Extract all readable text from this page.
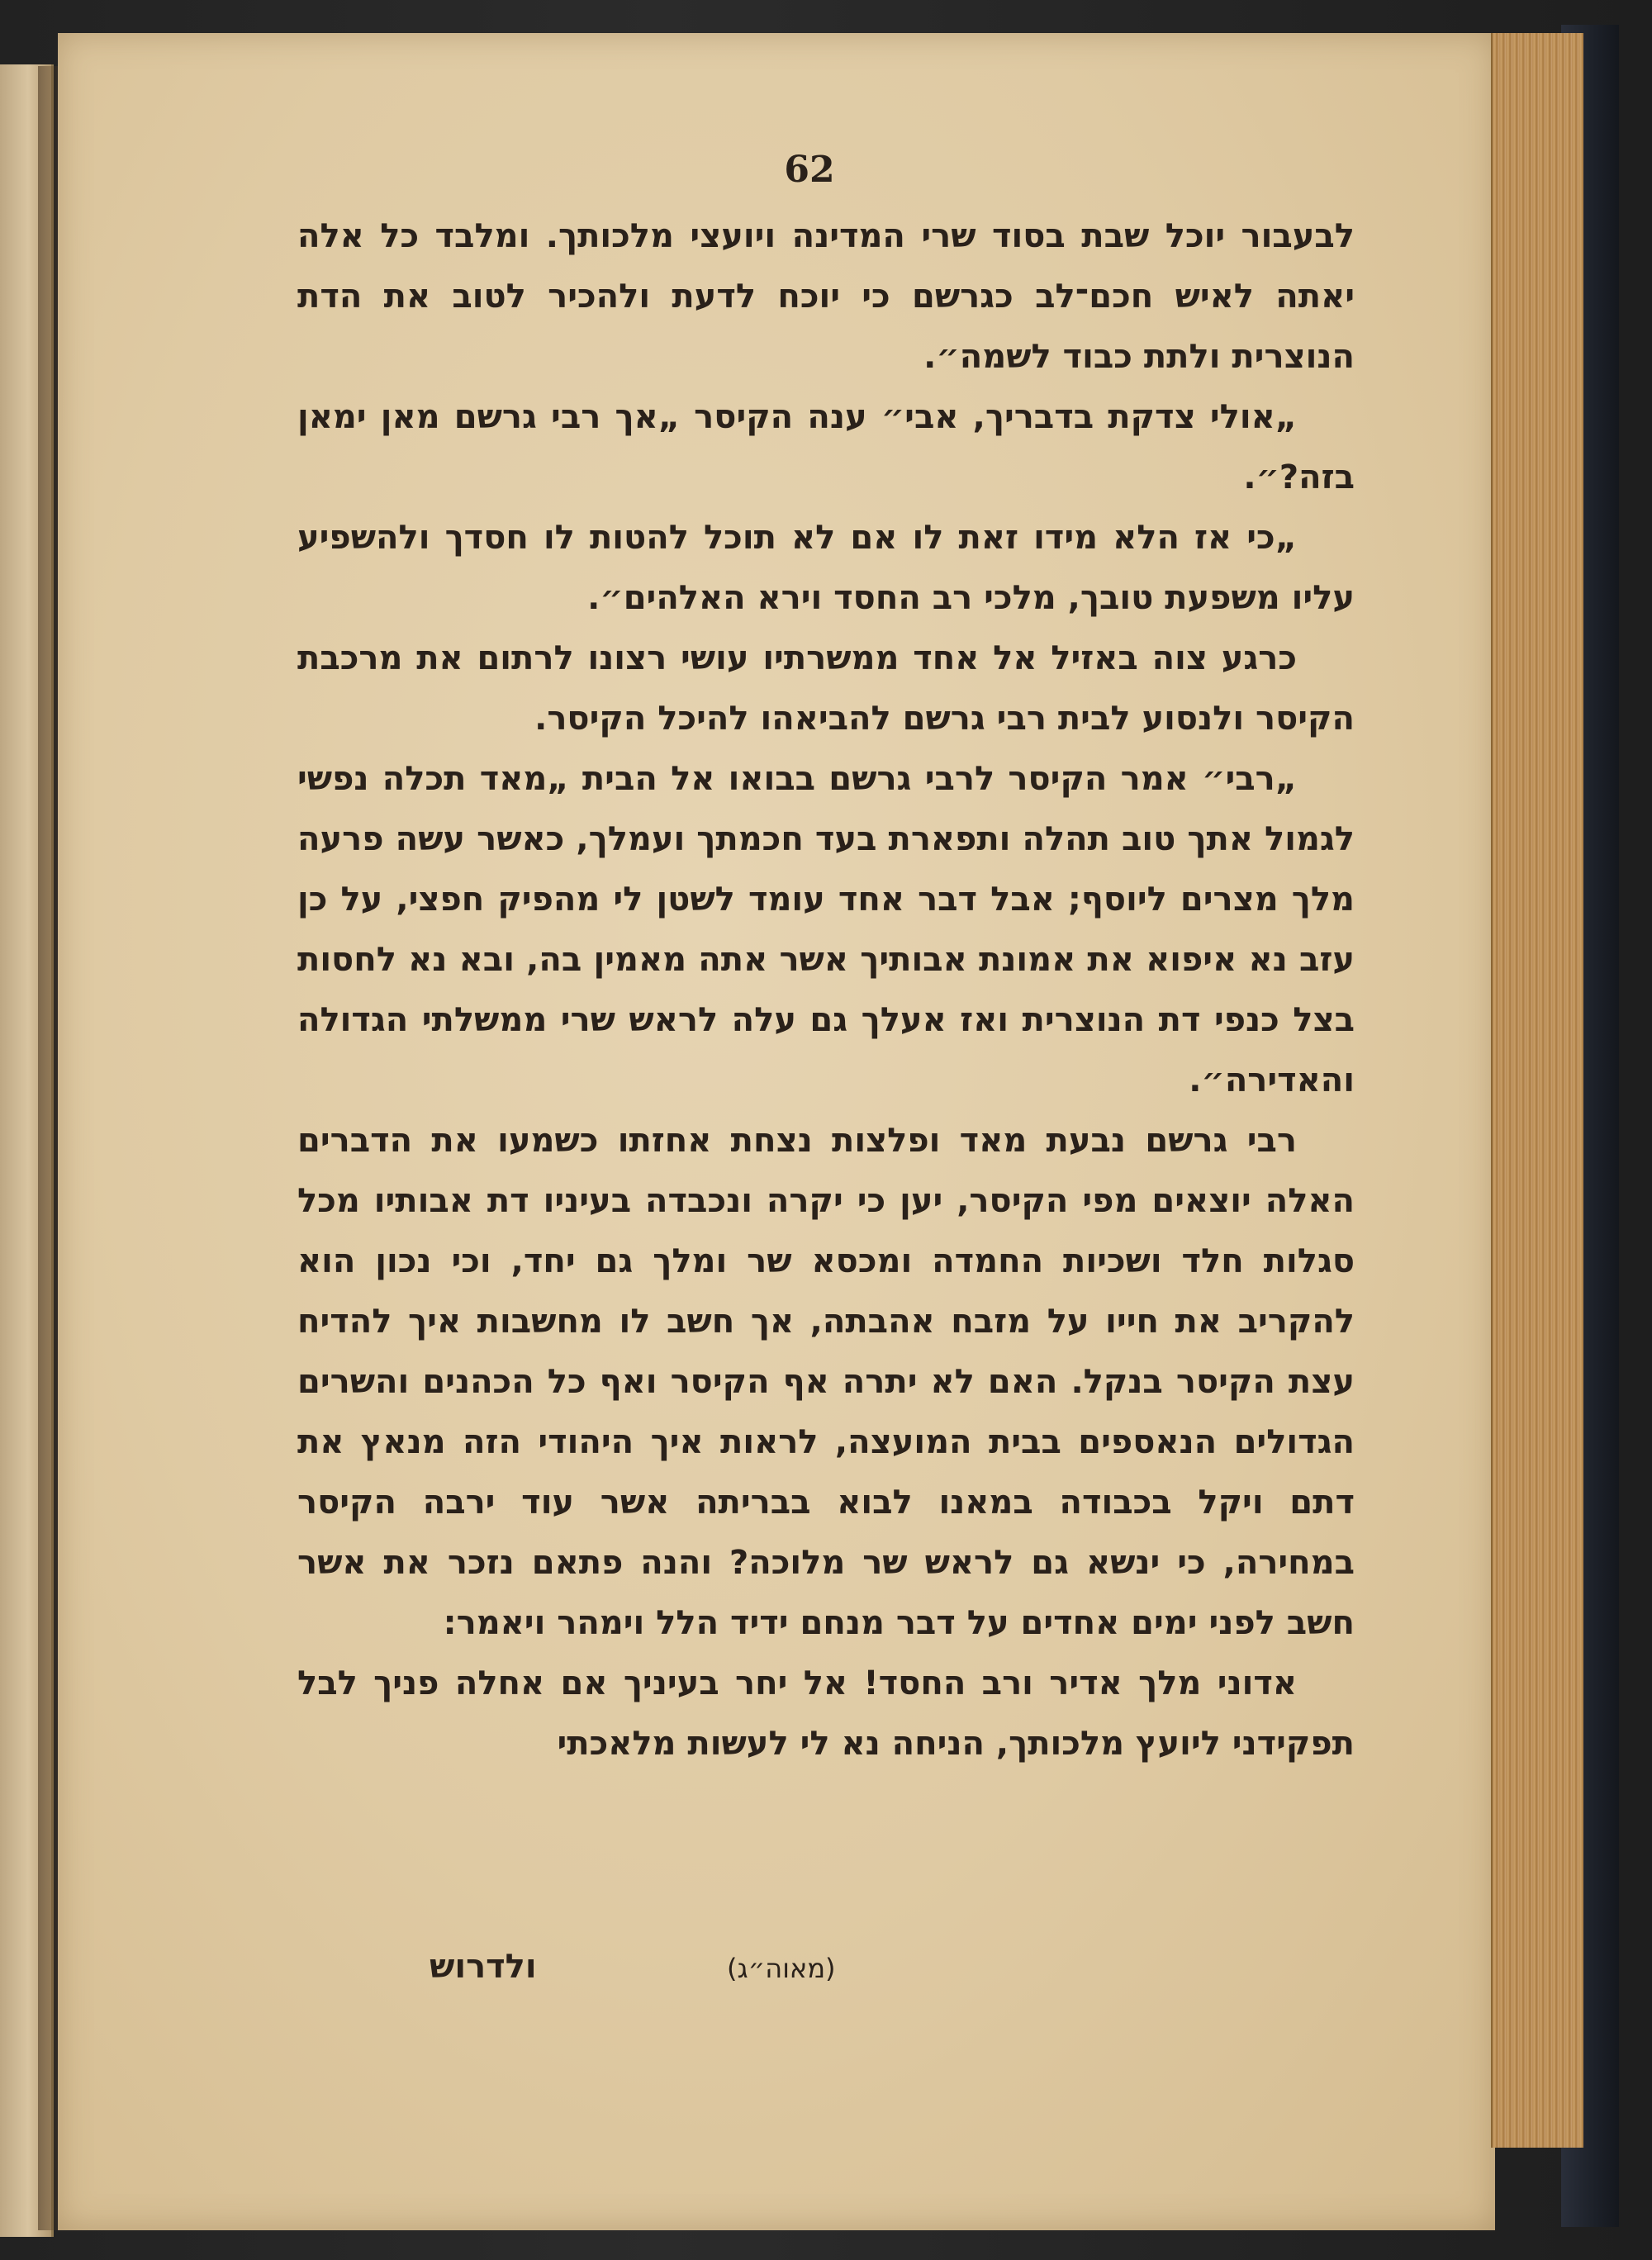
62

לבעבור יוכל שבת בסוד שרי המדינה ויועצי מלכותך. ומלבד כל אלה יאתה לאיש חכם־לב כגרשם כי יוכח לדעת ולהכיר לטוב את הדת הנוצרית ולתת כבוד לשמה״.

„אולי צדקת בדבריך, אבי״ ענה הקיסר „אך רבי גרשם מאן ימאן בזה?״.

„כי אז הלא מידו זאת לו אם לא תוכל להטות לו חסדך ולהשפיע עליו משפעת טובך, מלכי רב החסד וירא האלהים״.

כרגע צוה באזיל אל אחד ממשרתיו עושי רצונו לרתום את מרכבת הקיסר ולנסוע לבית רבי גרשם להביאהו להיכל הקיסר.

„רבי״ אמר הקיסר לרבי גרשם בבואו אל הבית „מאד תכלה נפשי לגמול אתך טוב תהלה ותפארת בעד חכמתך ועמלך, כאשר עשה פרעה מלך מצרים ליוסף; אבל דבר אחד עומד לשטן לי מהפיק חפצי, על כן עזב נא איפוא את אמונת אבותיך אשר אתה מאמין בה, ובא נא לחסות בצל כנפי דת הנוצרית ואז אעלך גם עלה לראש שרי ממשלתי הגדולה והאדירה״.

רבי גרשם נבעת מאד ופלצות נצחת אחזתו כשמעו את הדברים האלה יוצאים מפי הקיסר, יען כי יקרה ונכבדה בעיניו דת אבותיו מכל סגלות חלד ושכיות החמדה ומכסא שר ומלך גם יחד, וכי נכון הוא להקריב את חייו על מזבח אהבתה, אך חשב לו מחשבות איך להדיח עצת הקיסר בנקל. האם לא יתרה אף הקיסר ואף כל הכהנים והשרים הגדולים הנאספים בבית המועצה, לראות איך היהודי הזה מנאץ את דתם ויקל בכבודה במאנו לבוא בבריתה אשר עוד ירבה הקיסר במחירה, כי ינשא גם לראש שר מלוכה? והנה פתאם נזכר את אשר חשב לפני ימים אחדים על דבר מנחם ידיד הלל וימהר ויאמר:

אדוני מלך אדיר ורב החסד! אל יחר בעיניך אם אחלה פניך לבל תפקידני ליועץ מלכותך, הניחה נא לי לעשות מלאכתי

(מאוה״ג)
ולדרוש
